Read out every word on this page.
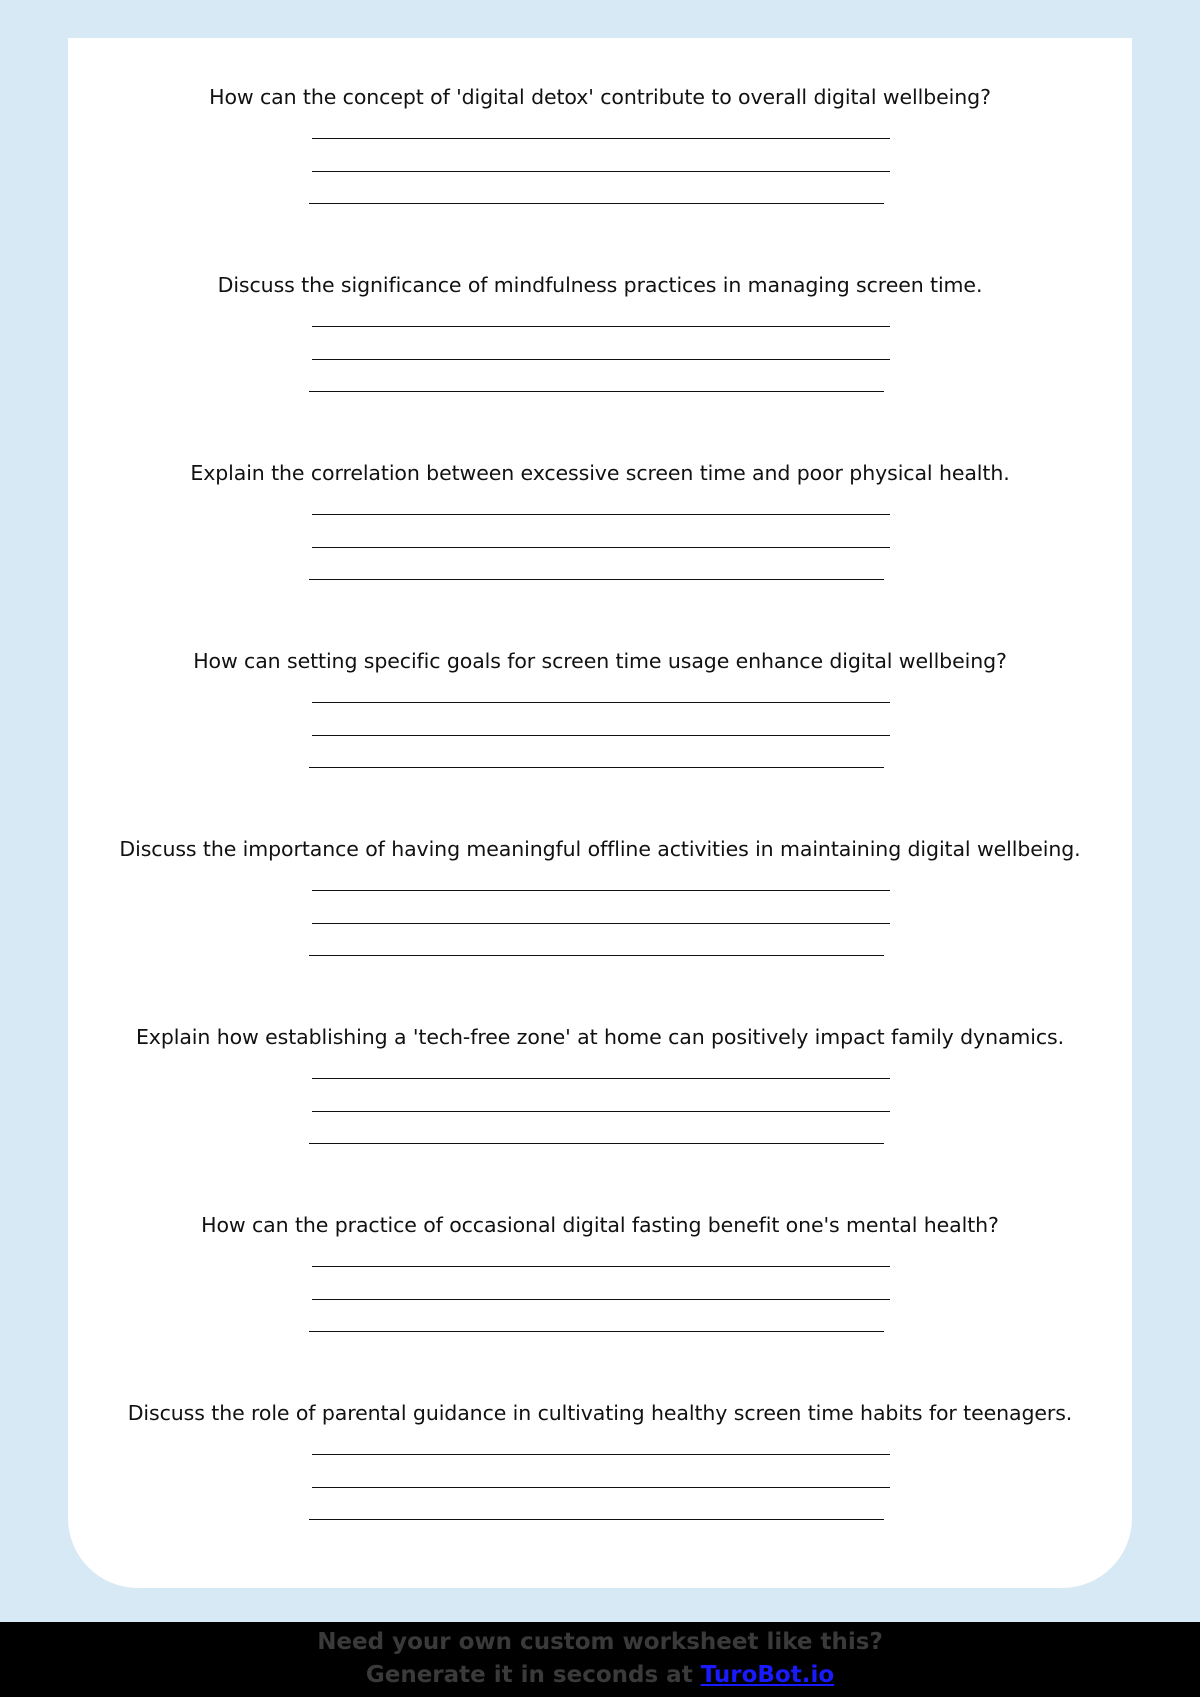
How can the concept of 'digital detox' contribute to overall digital wellbeing?
Discuss the significance of mindfulness practices in managing screen time.
Explain the correlation between excessive screen time and poor physical health.
How can setting specific goals for screen time usage enhance digital wellbeing?
Discuss the importance of having meaningful offline activities in maintaining digital wellbeing.
Explain how establishing a 'tech-free zone' at home can positively impact family dynamics.
How can the practice of occasional digital fasting benefit one's mental health?
Discuss the role of parental guidance in cultivating healthy screen time habits for teenagers.
Need your own custom worksheet like this?
Generate it in seconds at TuroBot.io
